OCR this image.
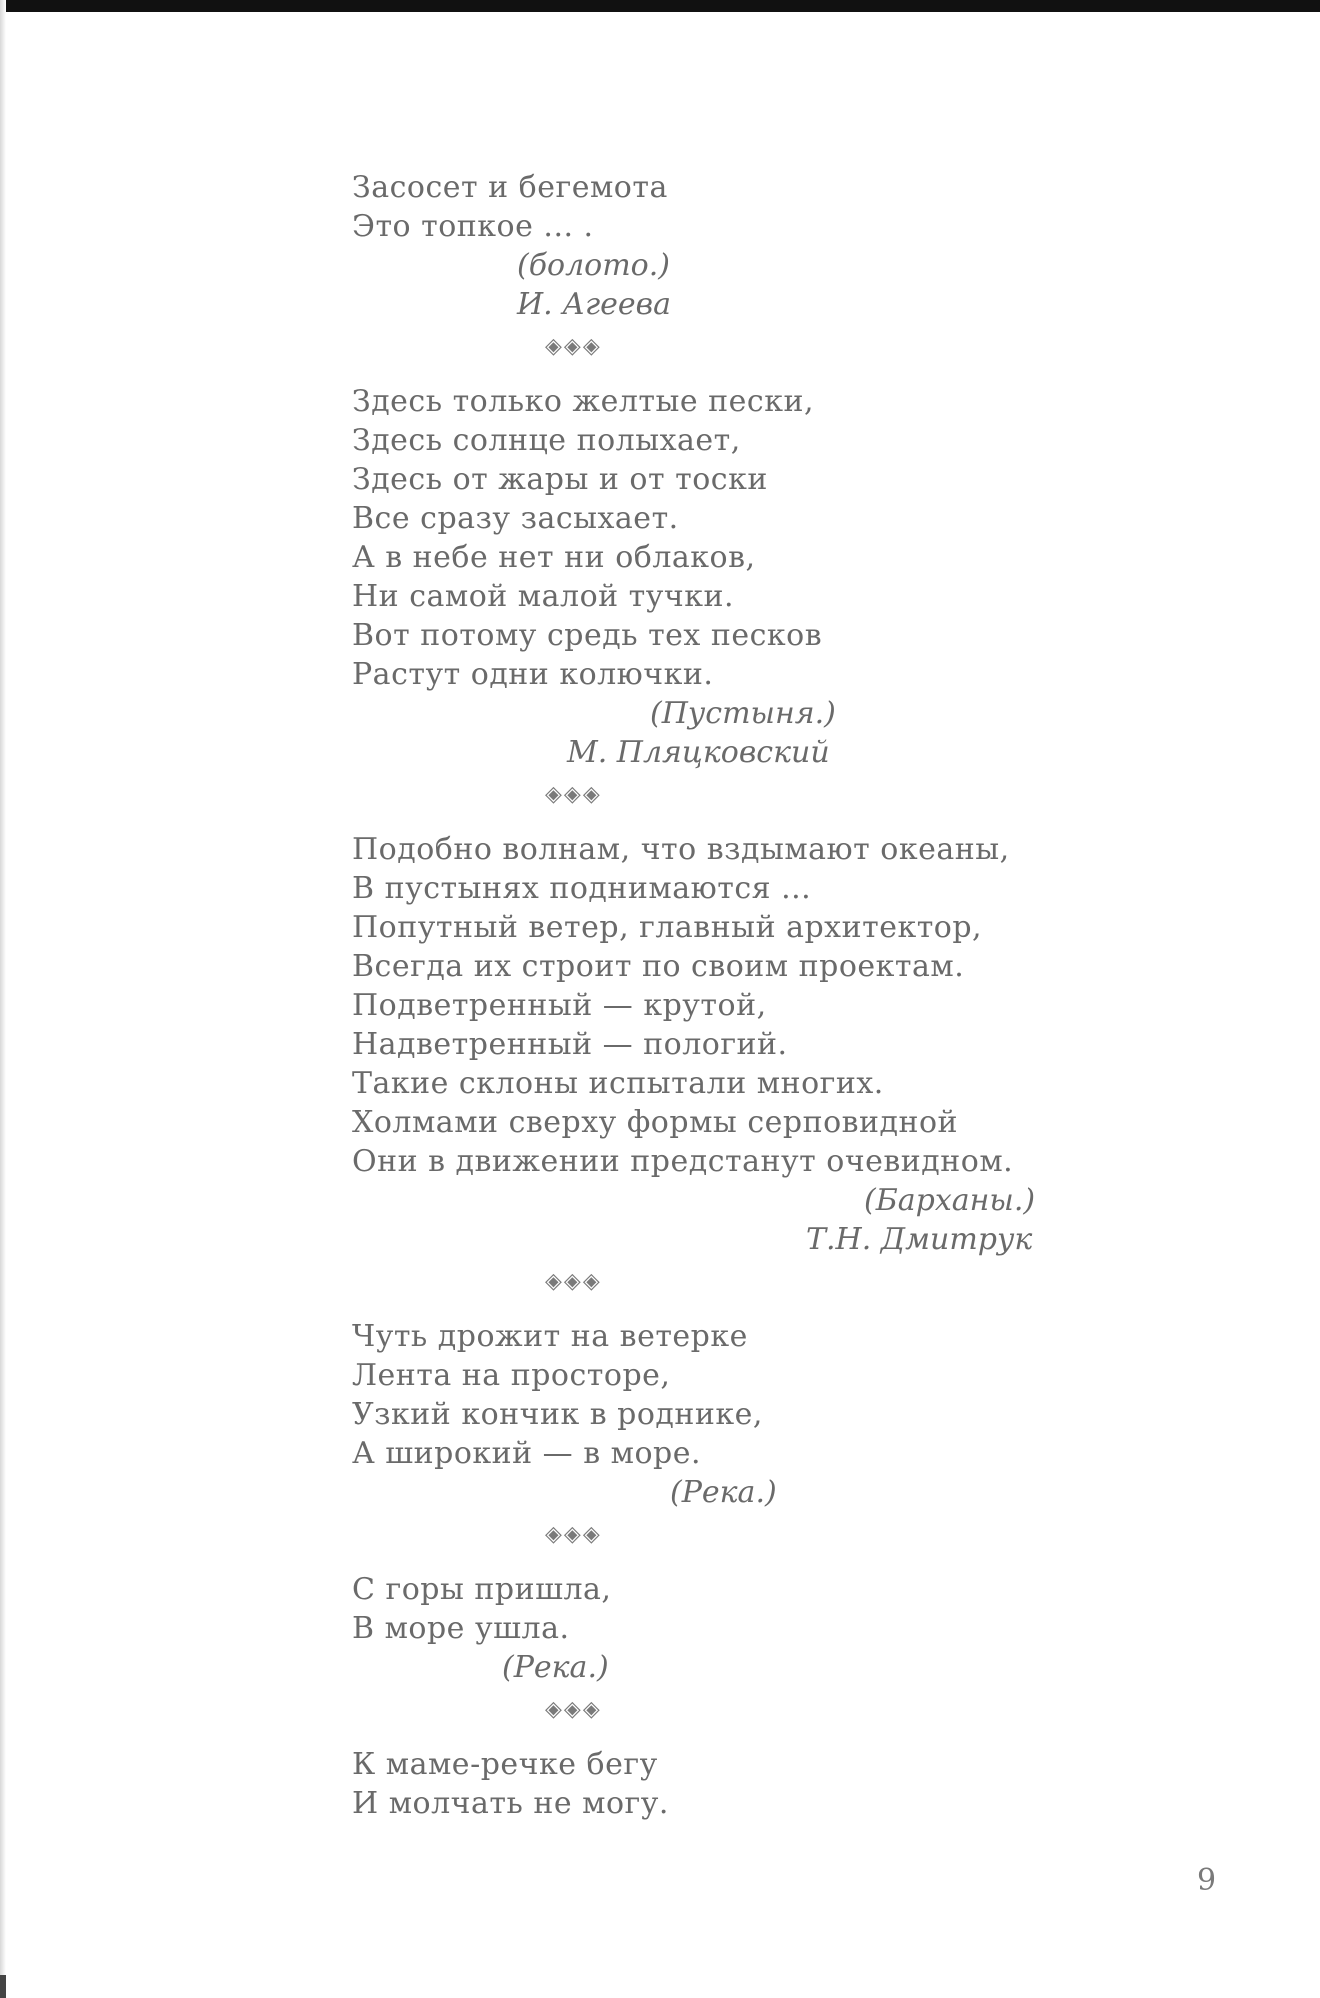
Засосет и бегемота
Это топкое ... .
(болото.)
И. Агеева
◈◈◈
Здесь только желтые пески,
Здесь солнце полыхает,
Здесь от жары и от тоски
Все сразу засыхает.
А в небе нет ни облаков,
Ни самой малой тучки.
Вот потому средь тех песков
Растут одни колючки.
(Пустыня.)
М. Пляцковский
◈◈◈
Подобно волнам, что вздымают океаны,
В пустынях поднимаются ...
Попутный ветер, главный архитектор,
Всегда их строит по своим проектам.
Подветренный — крутой,
Надветренный — пологий.
Такие склоны испытали многих.
Холмами сверху формы серповидной
Они в движении предстанут очевидном.
(Барханы.)
Т.Н. Дмитрук
◈◈◈
Чуть дрожит на ветерке
Лента на просторе,
Узкий кончик в роднике,
А широкий — в море.
(Река.)
◈◈◈
С горы пришла,
В море ушла.
(Река.)
◈◈◈
К маме-речке бегу
И молчать не могу.
9
